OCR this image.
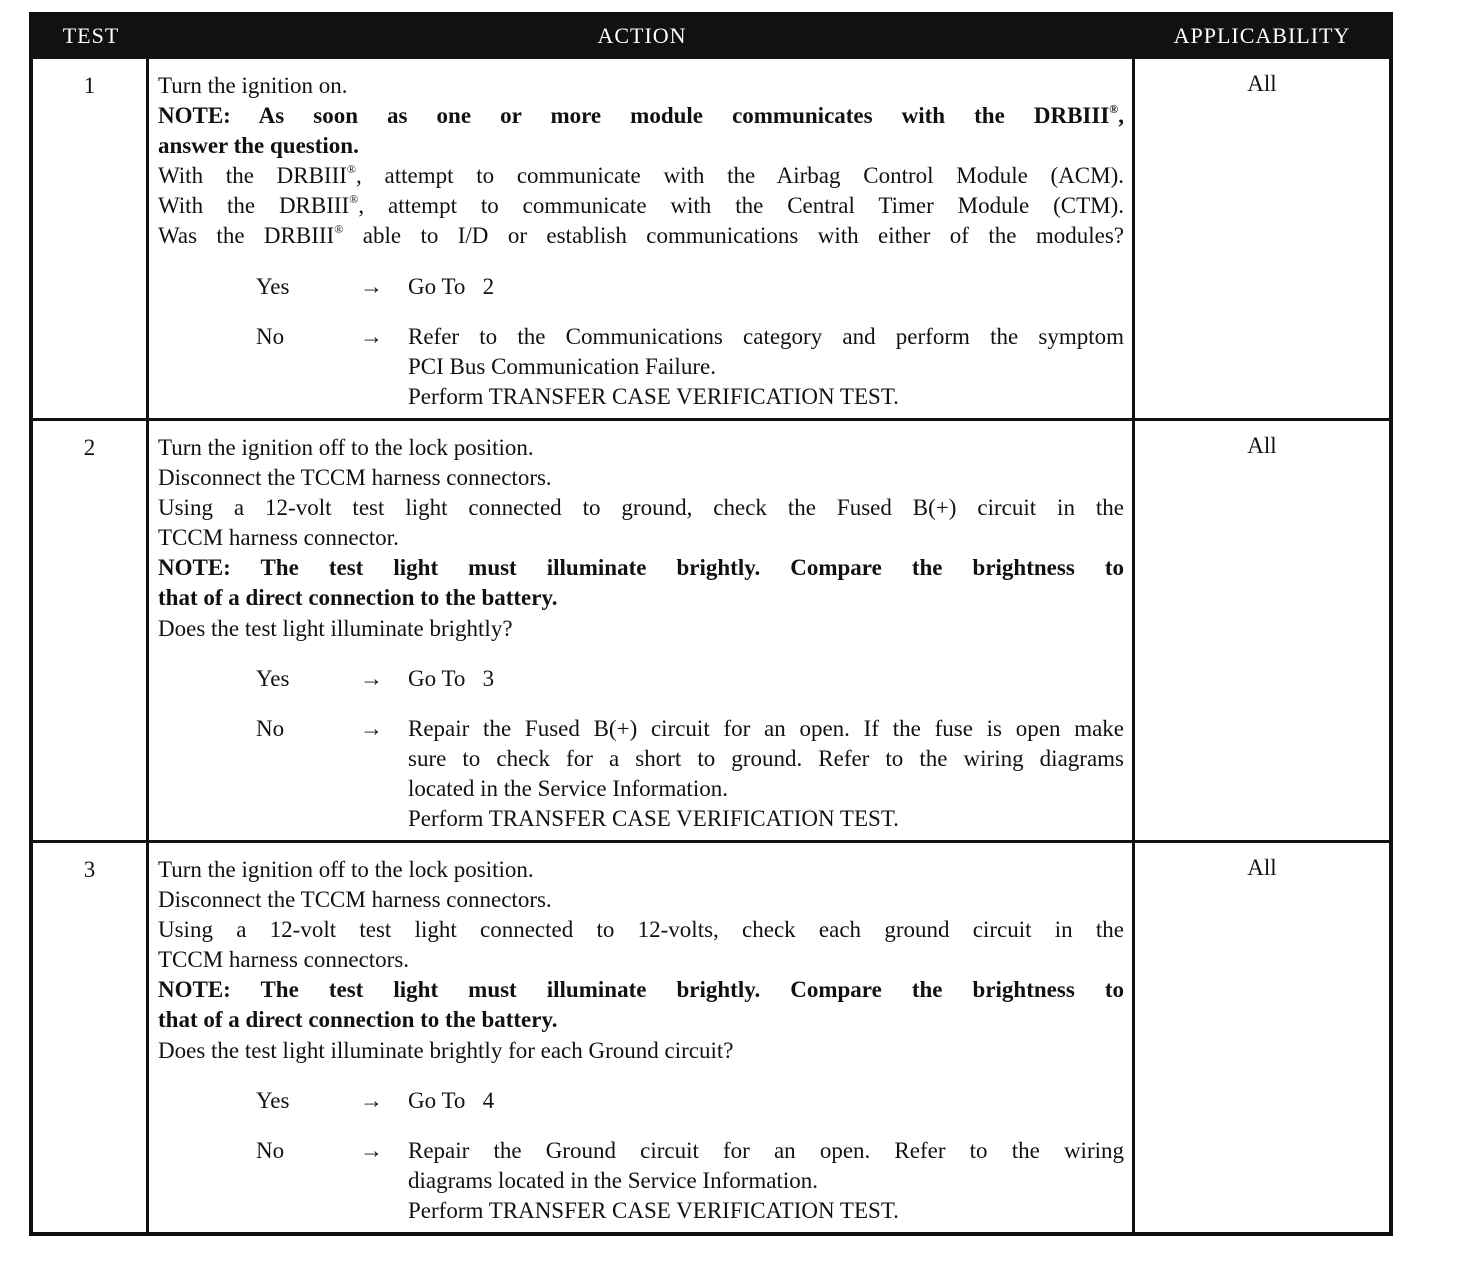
TEST	ACTION	APPLICABILITY
1	Turn the ignition on.
NOTE: As soon as one or more module communicates with the DRBIII®,
answer the question.
With the DRBIII®, attempt to communicate with the Airbag Control Module (ACM).
With the DRBIII®, attempt to communicate with the Central Timer Module (CTM).
Was the DRBIII® able to I/D or establish communications with either of the modules?
Yes	→	Go To   2
No	→	Refer to the Communications category and perform the symptom
PCI Bus Communication Failure.
Perform TRANSFER CASE VERIFICATION TEST.
All
2	Turn the ignition off to the lock position.
Disconnect the TCCM harness connectors.
Using a 12-volt test light connected to ground, check the Fused B(+) circuit in the
TCCM harness connector.
NOTE: The test light must illuminate brightly. Compare the brightness to
that of a direct connection to the battery.
Does the test light illuminate brightly?
Yes	→	Go To   3
No	→	Repair the Fused B(+) circuit for an open. If the fuse is open make
sure to check for a short to ground. Refer to the wiring diagrams
located in the Service Information.
Perform TRANSFER CASE VERIFICATION TEST.
All
3	Turn the ignition off to the lock position.
Disconnect the TCCM harness connectors.
Using a 12-volt test light connected to 12-volts, check each ground circuit in the
TCCM harness connectors.
NOTE: The test light must illuminate brightly. Compare the brightness to
that of a direct connection to the battery.
Does the test light illuminate brightly for each Ground circuit?
Yes	→	Go To   4
No	→	Repair the Ground circuit for an open. Refer to the wiring
diagrams located in the Service Information.
Perform TRANSFER CASE VERIFICATION TEST.
All
